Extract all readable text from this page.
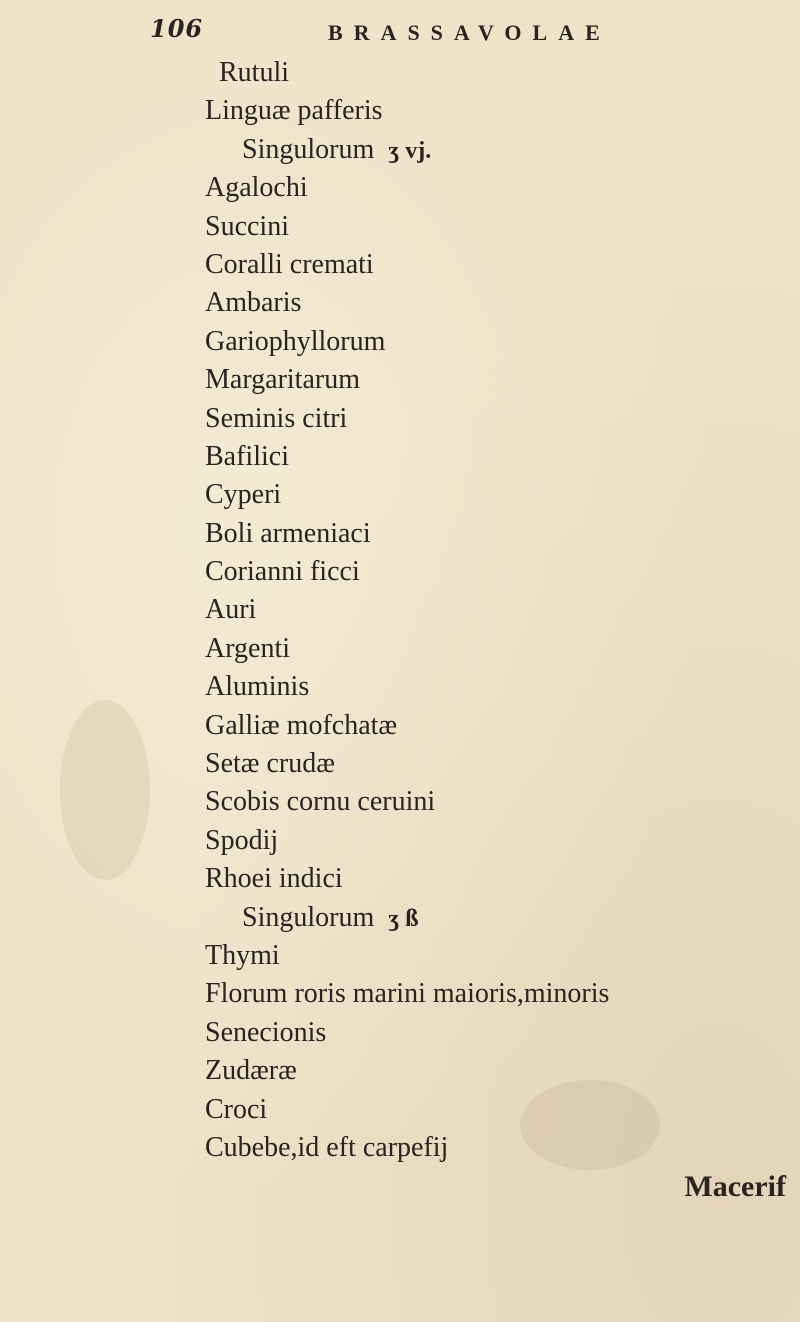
106	BRASSAVOLAE
Rutuli
Linguæ pafferis
Singulorum ʒ vj.
Agalochi
Succini
Coralli cremati
Ambaris
Gariophyllorum
Margaritarum
Seminis citri
Bafilici
Cyperi
Boli armeniaci
Corianni ficci
Auri
Argenti
Aluminis
Galliæ mofchatæ
Setæ crudæ
Scobis cornu ceruini
Spodij
Rhoei indici
Singulorum ʒ ß
Thymi
Florum roris marini maioris,minoris
Senecionis
Zudæræ
Croci
Cubebe,id eft carpefij
Macerif
